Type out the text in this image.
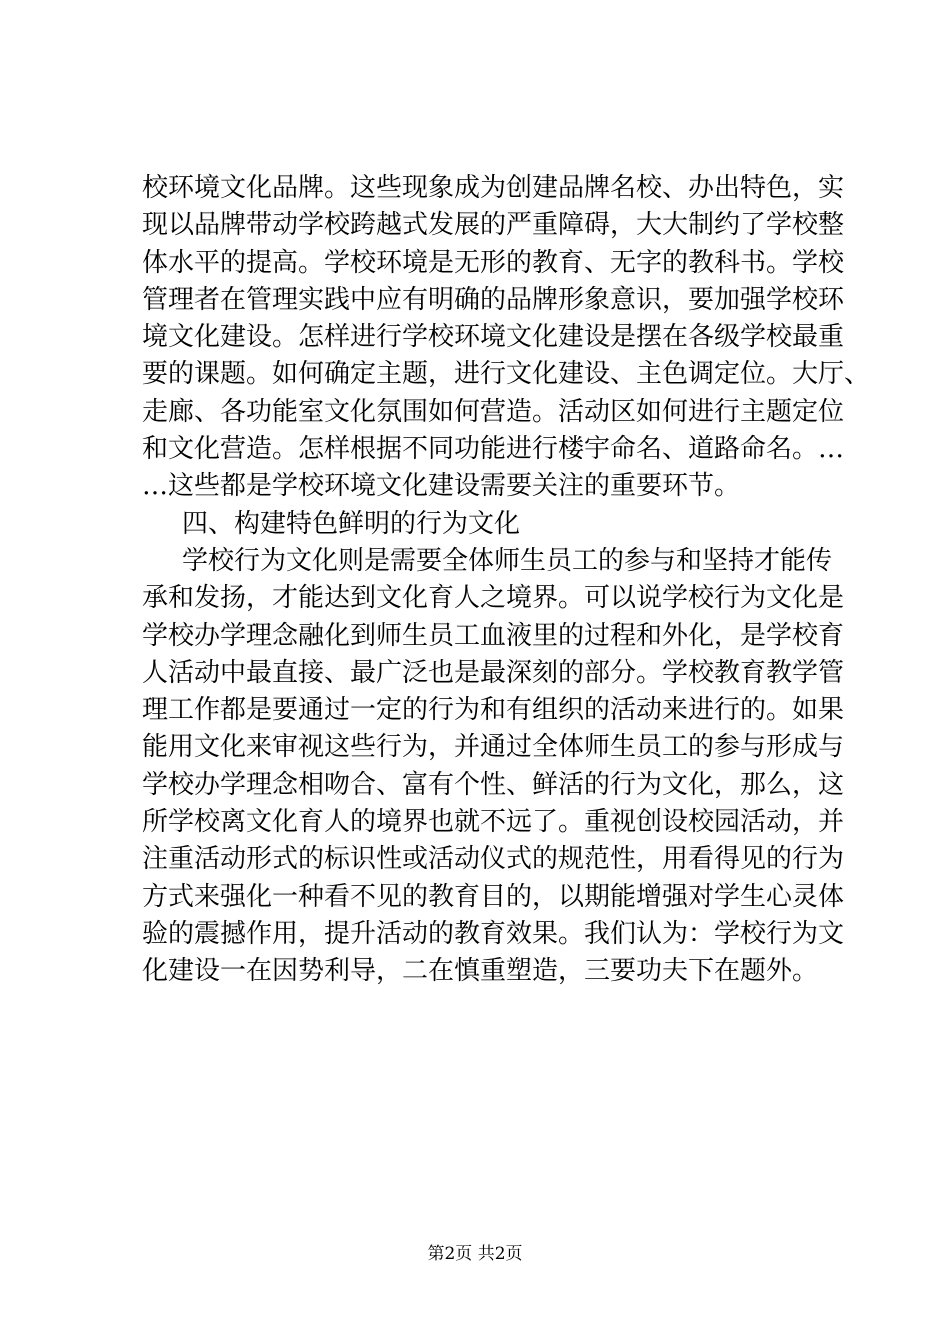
校环境文化品牌。这些现象成为创建品牌名校、办出特色，实
现以品牌带动学校跨越式发展的严重障碍，大大制约了学校整
体水平的提高。学校环境是无形的教育、无字的教科书。学校
管理者在管理实践中应有明确的品牌形象意识，要加强学校环
境文化建设。怎样进行学校环境文化建设是摆在各级学校最重
要的课题。如何确定主题，进行文化建设、主色调定位。大厅、
走廊、各功能室文化氛围如何营造。活动区如何进行主题定位
和文化营造。怎样根据不同功能进行楼宇命名、道路命名。…
…这些都是学校环境文化建设需要关注的重要环节。
四、构建特色鲜明的行为文化
学校行为文化则是需要全体师生员工的参与和坚持才能传
承和发扬，才能达到文化育人之境界。可以说学校行为文化是
学校办学理念融化到师生员工血液里的过程和外化，是学校育
人活动中最直接、最广泛也是最深刻的部分。学校教育教学管
理工作都是要通过一定的行为和有组织的活动来进行的。如果
能用文化来审视这些行为，并通过全体师生员工的参与形成与
学校办学理念相吻合、富有个性、鲜活的行为文化，那么，这
所学校离文化育人的境界也就不远了。重视创设校园活动，并
注重活动形式的标识性或活动仪式的规范性，用看得见的行为
方式来强化一种看不见的教育目的，以期能增强对学生心灵体
验的震撼作用，提升活动的教育效果。我们认为：学校行为文
化建设一在因势利导，二在慎重塑造，三要功夫下在题外。
第2页 共2页
